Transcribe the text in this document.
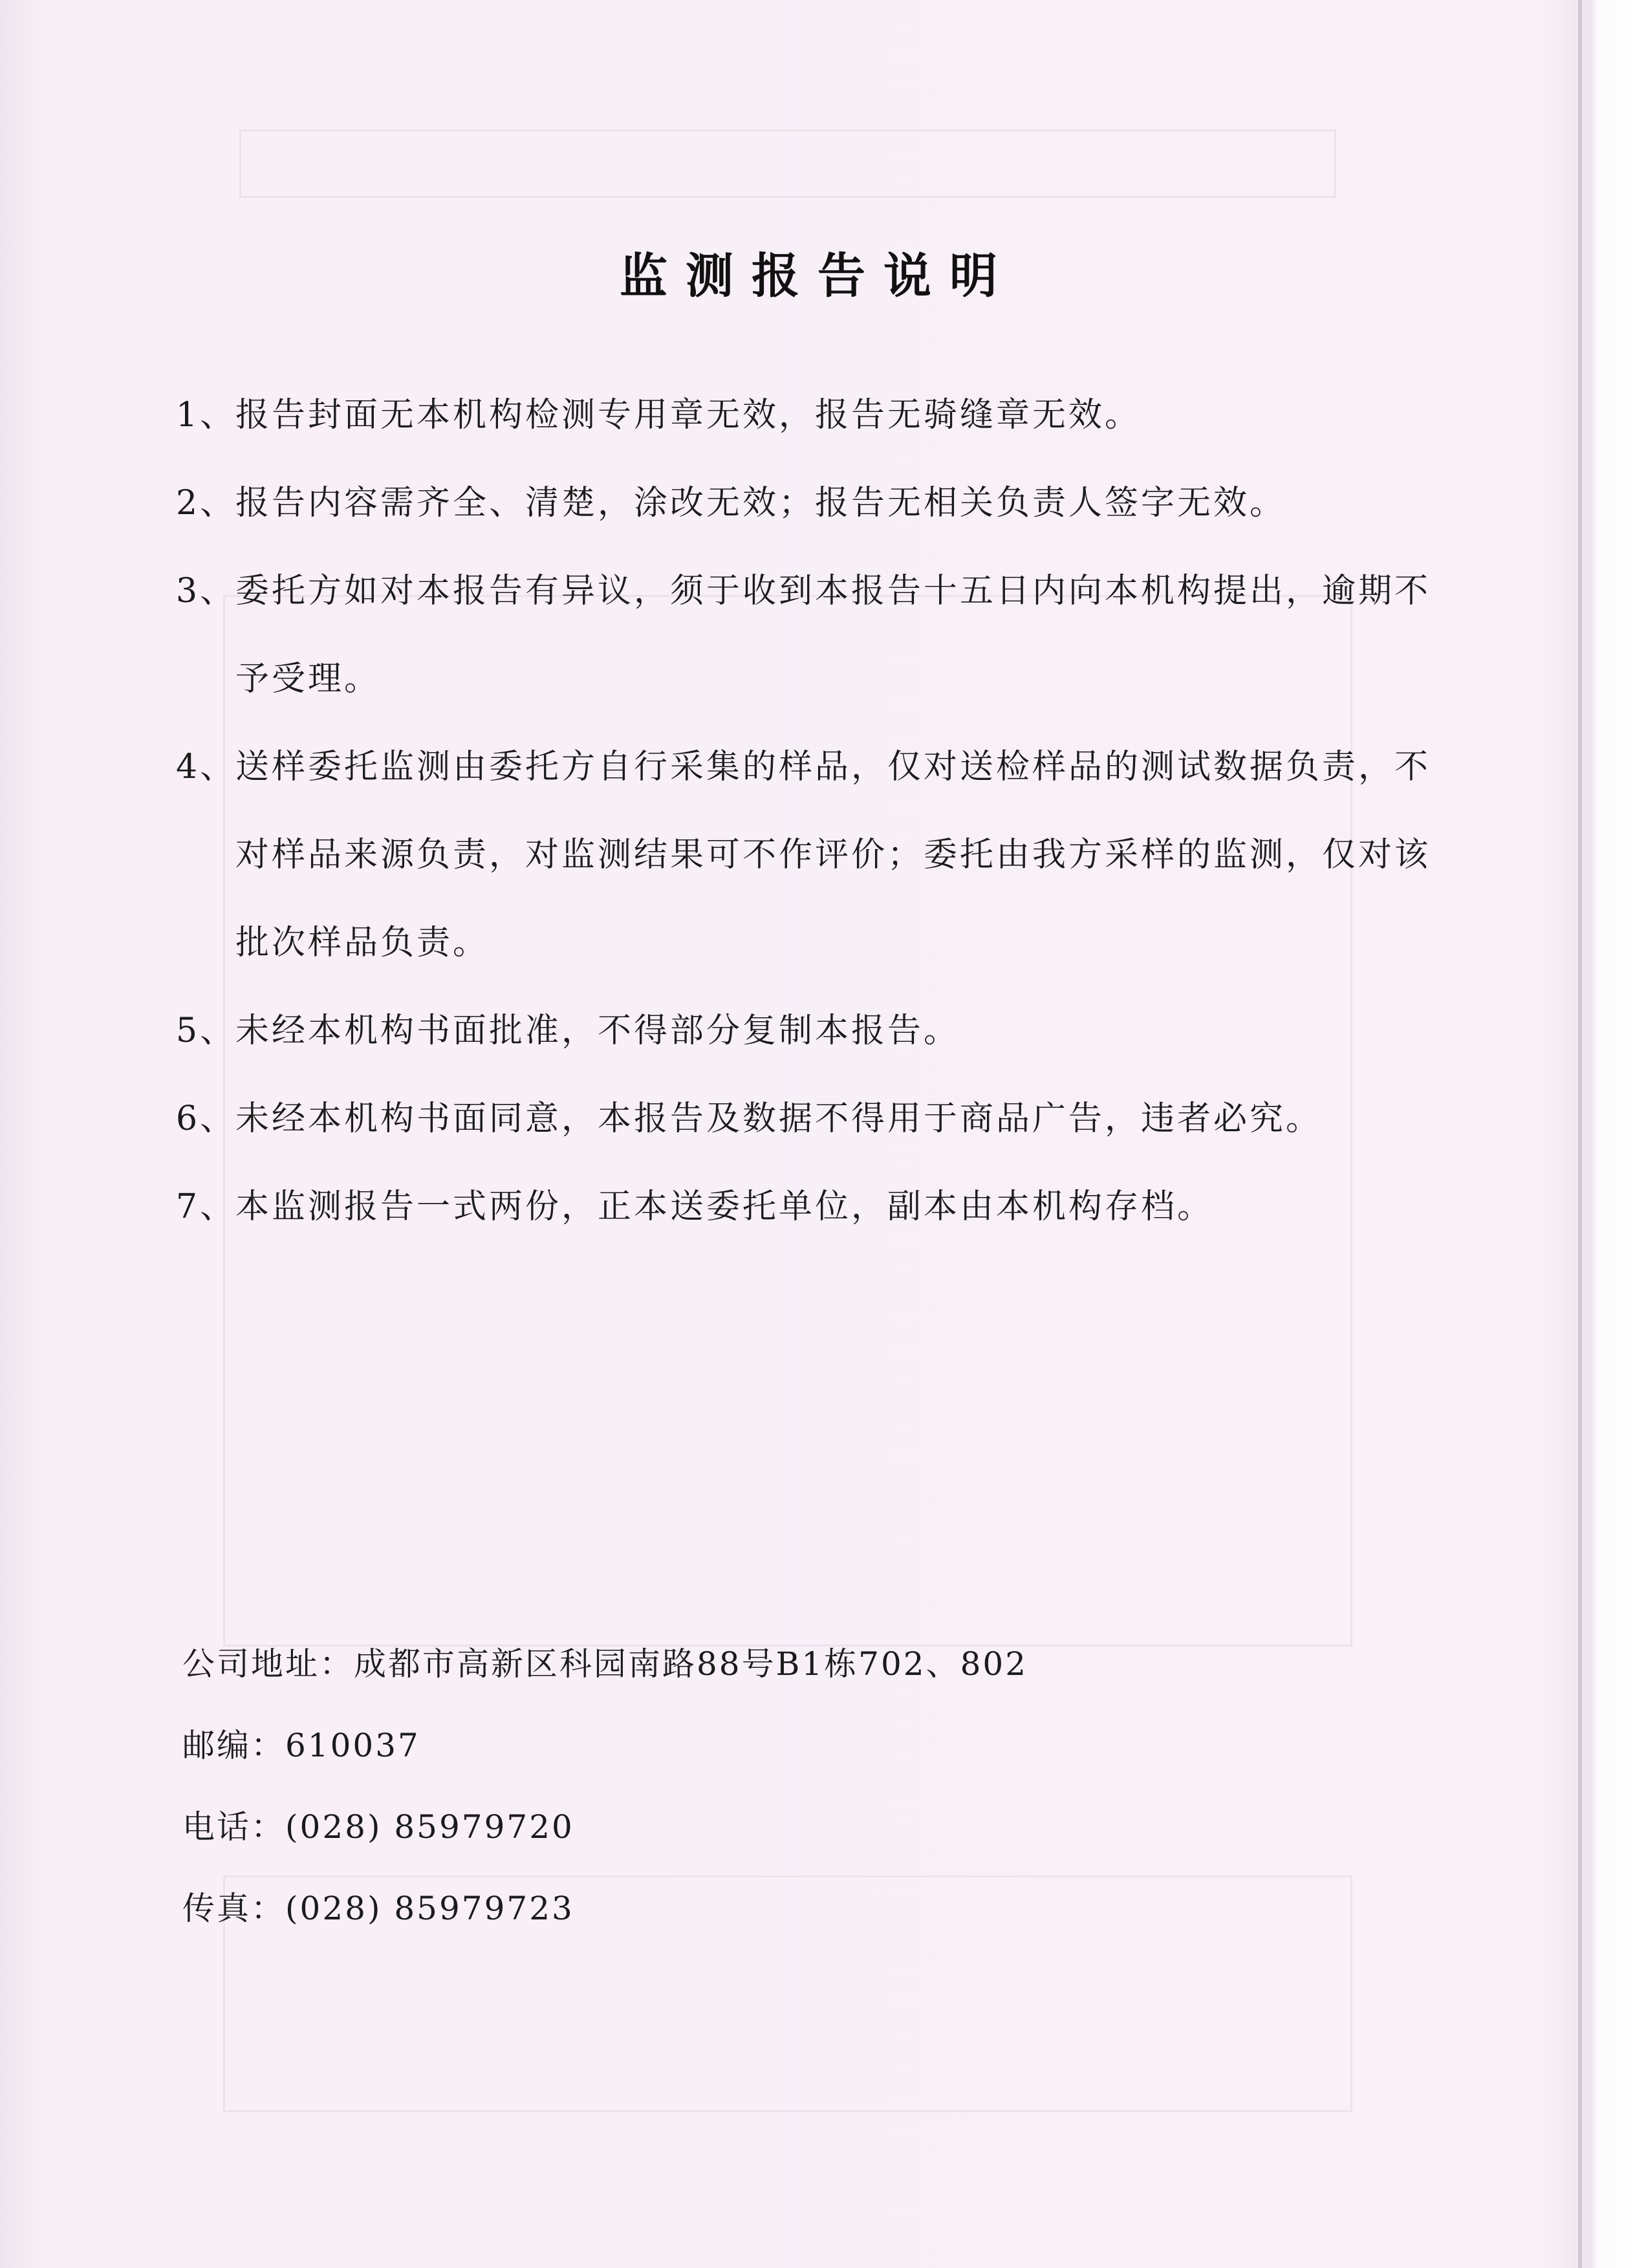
监测报告说明
1、
报告封面无本机构检测专用章无效，报告无骑缝章无效。
2、
报告内容需齐全、清楚，涂改无效；报告无相关负责人签字无效。
3、
委托方如对本报告有异议，须于收到本报告十五日内向本机构提出，逾期不予受理。
4、
送样委托监测由委托方自行采集的样品，仅对送检样品的测试数据负责，不对样品来源负责，对监测结果可不作评价；委托由我方采样的监测，仅对该批次样品负责。
5、
未经本机构书面批准，不得部分复制本报告。
6、
未经本机构书面同意，本报告及数据不得用于商品广告，违者必究。
7、
本监测报告一式两份，正本送委托单位，副本由本机构存档。
公司地址：成都市高新区科园南路88号B1栋702、802
邮编：610037
电话：(028) 85979720
传真：(028) 85979723
